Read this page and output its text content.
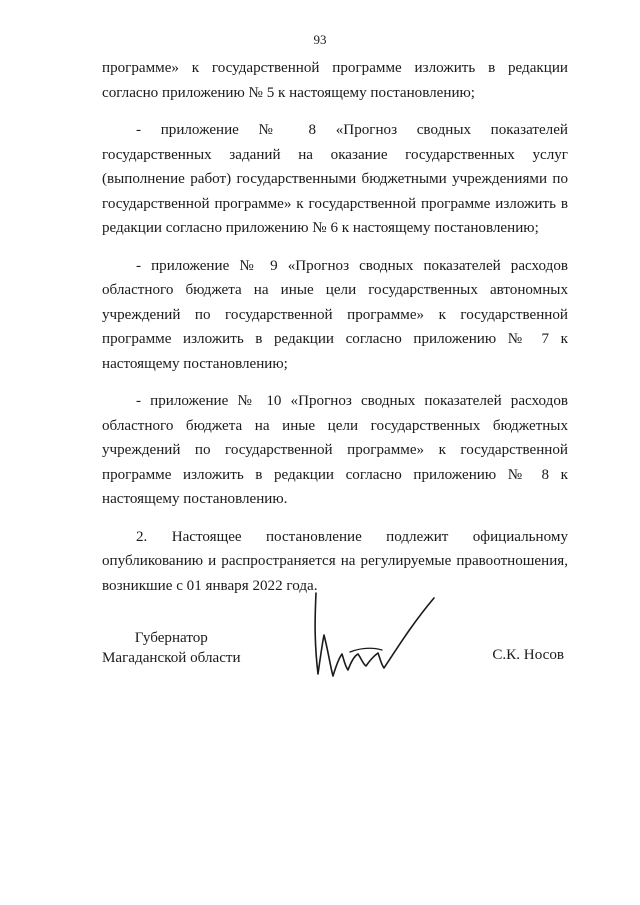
93

программе» к государственной программе изложить в редакции согласно приложению № 5 к настоящему постановлению;

- приложение № 8 «Прогноз сводных показателей государственных заданий на оказание государственных услуг (выполнение работ) государственными бюджетными учреждениями по государственной программе» к государственной программе изложить в редакции согласно приложению № 6 к настоящему постановлению;

- приложение № 9 «Прогноз сводных показателей расходов областного бюджета на иные цели государственных автономных учреждений по государственной программе» к государственной программе изложить в редакции согласно приложению № 7 к настоящему постановлению;

- приложение № 10 «Прогноз сводных показателей расходов областного бюджета на иные цели государственных бюджетных учреждений по государственной программе» к государственной программе изложить в редакции согласно приложению № 8 к настоящему постановлению.

2. Настоящее постановление подлежит официальному опубликованию и распространяется на регулируемые правоотношения, возникшие с 01 января 2022 года.

Губернатор
Магаданской области	С.К. Носов
